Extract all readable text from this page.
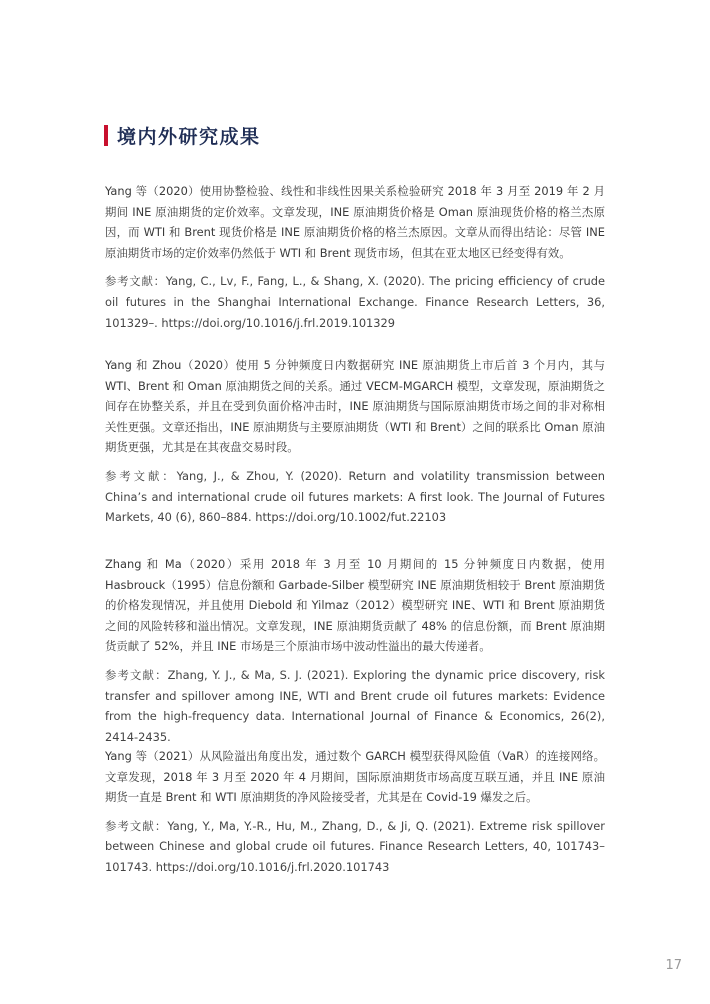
境内外研究成果

Yang 等（2020）使用协整检验、线性和非线性因果关系检验研究 2018 年 3 月至 2019 年 2 月期间 INE 原油期货的定价效率。文章发现，INE 原油期货价格是 Oman 原油现货价格的格兰杰原因，而 WTI 和 Brent 现货价格是 INE 原油期货价格的格兰杰原因。文章从而得出结论：尽管 INE 原油期货市场的定价效率仍然低于 WTI 和 Brent 现货市场，但其在亚太地区已经变得有效。

参考文献：Yang, C., Lv, F., Fang, L., & Shang, X. (2020). The pricing efficiency of crude oil futures in the Shanghai International Exchange. Finance Research Letters, 36, 101329–. https://doi.org/10.1016/j.frl.2019.101329

Yang 和 Zhou（2020）使用 5 分钟频度日内数据研究 INE 原油期货上市后首 3 个月内，其与 WTI、Brent 和 Oman 原油期货之间的关系。通过 VECM-MGARCH 模型，文章发现，原油期货之间存在协整关系，并且在受到负面价格冲击时，INE 原油期货与国际原油期货市场之间的非对称相关性更强。文章还指出，INE 原油期货与主要原油期货（WTI 和 Brent）之间的联系比 Oman 原油期货更强，尤其是在其夜盘交易时段。

参考文献：Yang, J., & Zhou, Y. (2020). Return and volatility transmission between China’s and international crude oil futures markets: A first look. The Journal of Futures Markets, 40 (6), 860–884. https://doi.org/10.1002/fut.22103

Zhang 和 Ma（2020）采用 2018 年 3 月至 10 月期间的 15 分钟频度日内数据，使用 Hasbrouck（1995）信息份额和 Garbade-Silber 模型研究 INE 原油期货相较于 Brent 原油期货的价格发现情况，并且使用 Diebold 和 Yilmaz（2012）模型研究 INE、WTI 和 Brent 原油期货之间的风险转移和溢出情况。文章发现，INE 原油期货贡献了 48% 的信息份额，而 Brent 原油期货贡献了 52%，并且 INE 市场是三个原油市场中波动性溢出的最大传递者。

参考文献：Zhang, Y. J., & Ma, S. J. (2021). Exploring the dynamic price discovery, risk transfer and spillover among INE, WTI and Brent crude oil futures markets: Evidence from the high‑frequency data. International Journal of Finance & Economics, 26(2), 2414-2435.

Yang 等（2021）从风险溢出角度出发，通过数个 GARCH 模型获得风险值（VaR）的连接网络。文章发现，2018 年 3 月至 2020 年 4 月期间，国际原油期货市场高度互联互通，并且 INE 原油期货一直是 Brent 和 WTI 原油期货的净风险接受者，尤其是在 Covid-19 爆发之后。

参考文献：Yang, Y., Ma, Y.-R., Hu, M., Zhang, D., & Ji, Q. (2021). Extreme risk spillover between Chinese and global crude oil futures. Finance Research Letters, 40, 101743–101743. https://doi.org/10.1016/j.frl.2020.101743

17
